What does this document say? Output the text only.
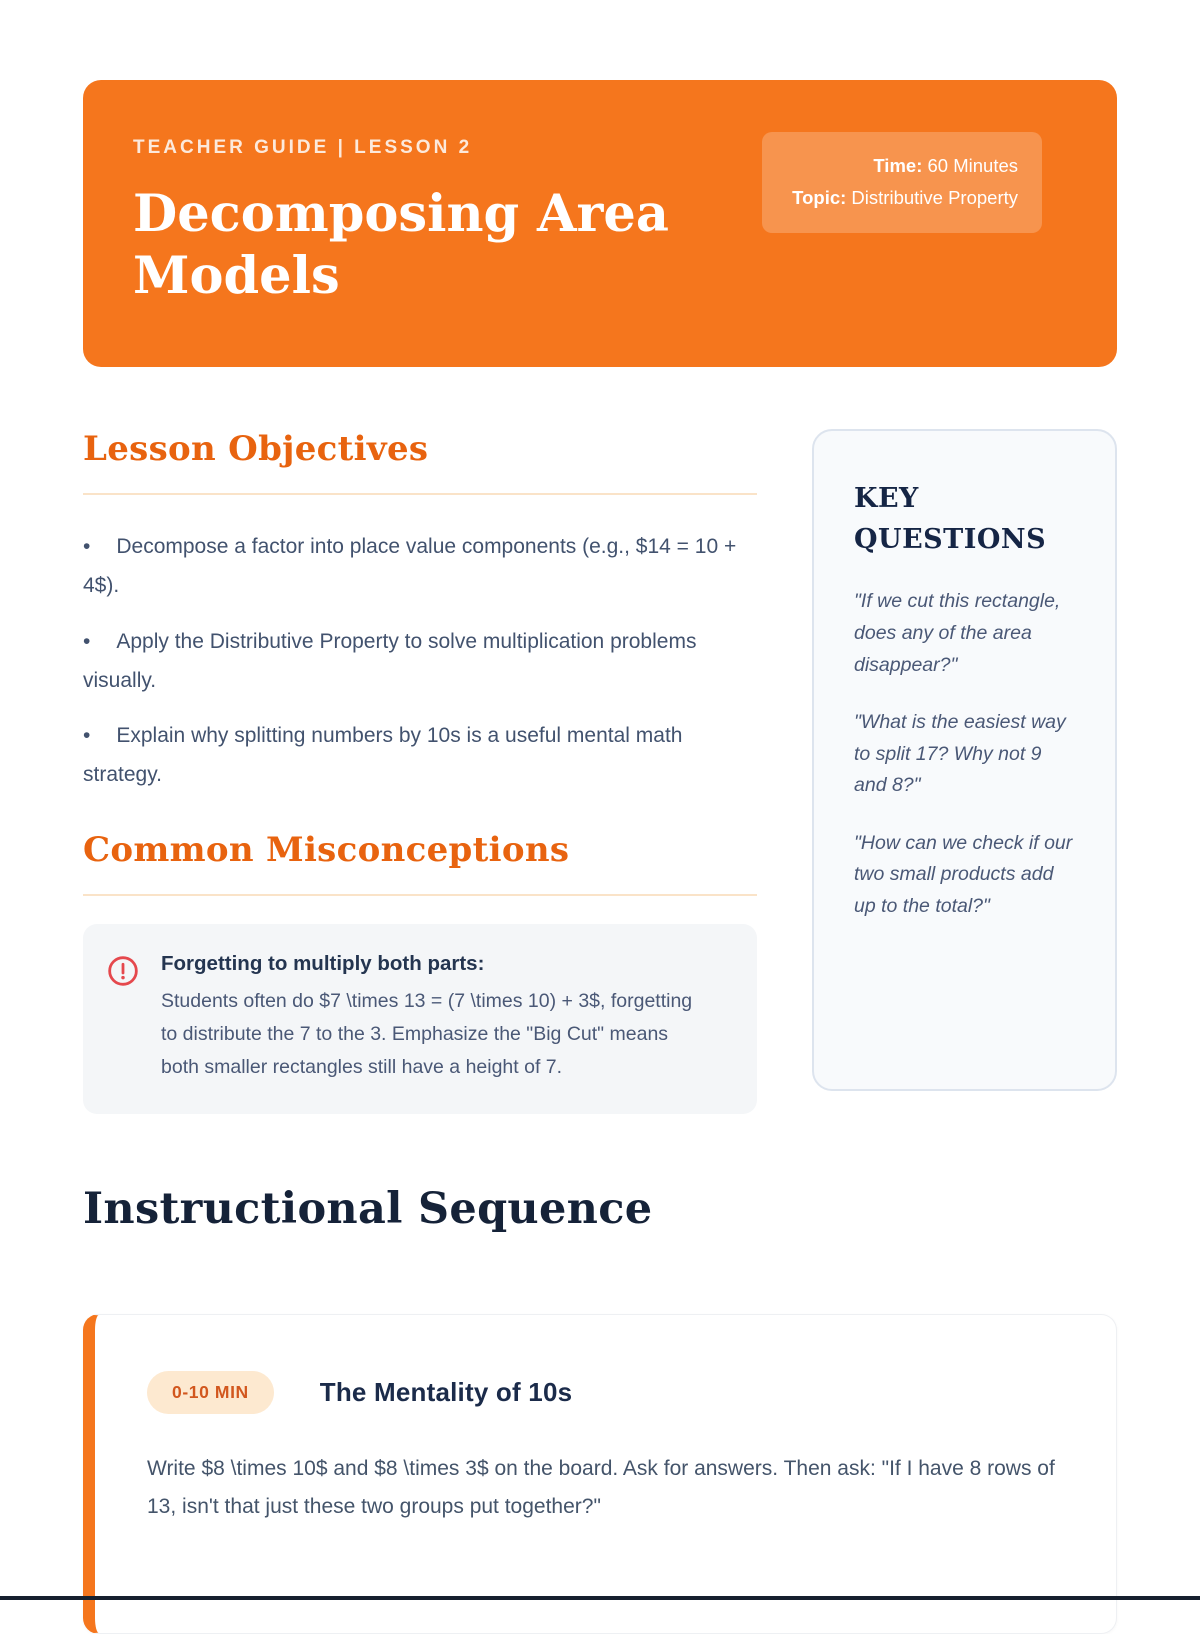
TEACHER GUIDE | LESSON 2
Decomposing Area Models
Time: 60 Minutes
Topic: Distributive Property
Lesson Objectives

• Decompose a factor into place value components (e.g., $14 = 10 + 4$).

• Apply the Distributive Property to solve multiplication problems visually.

• Explain why splitting numbers by 10s is a useful mental math strategy.

Common Misconceptions
Forgetting to multiply both parts:
Students often do $7 \times 13 = (7 \times 10) + 3$, forgetting to distribute the 7 to the 3. Emphasize the "Big Cut" means both smaller rectangles still have a height of 7.
KEY QUESTIONS

"If we cut this rectangle, does any of the area disappear?"

"What is the easiest way to split 17? Why not 9 and 8?"

"How can we check if our two small products add up to the total?"

Instructional Sequence
0-10 MIN	The Mentality of 10s

Write $8 \times 10$ and $8 \times 3$ on the board. Ask for answers. Then ask: "If I have 8 rows of 13, isn't that just these two groups put together?"
